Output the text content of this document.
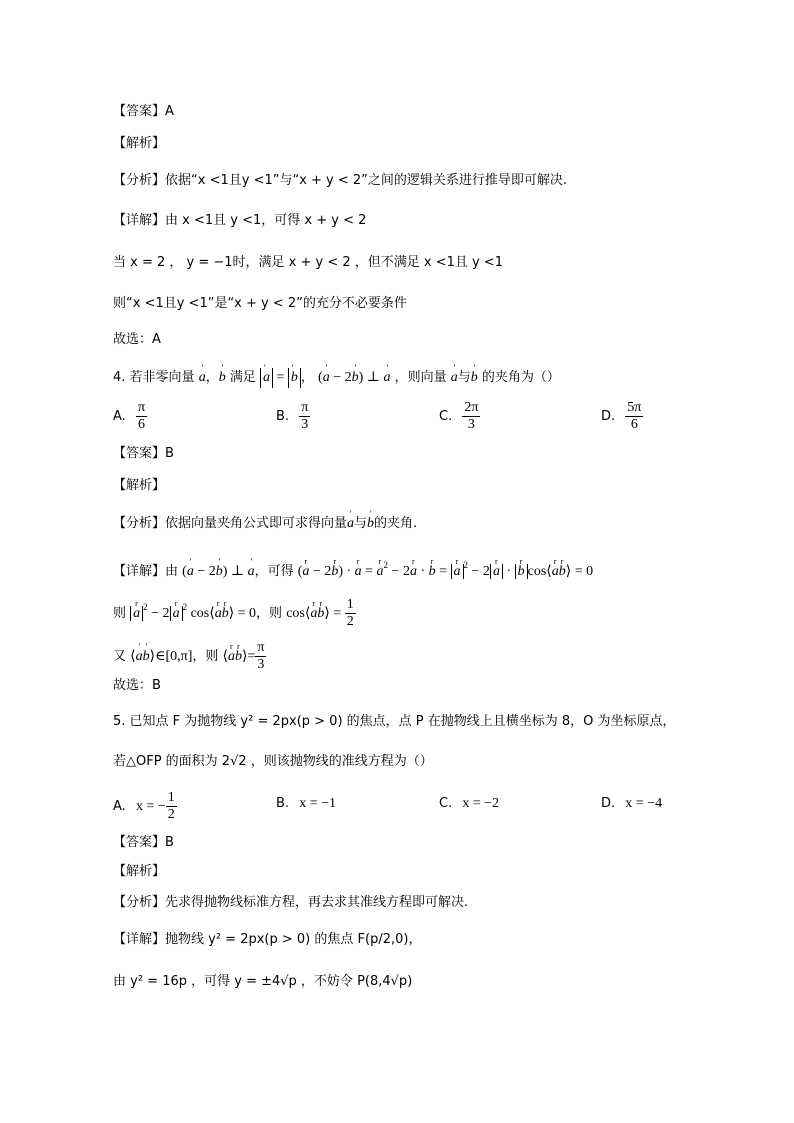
【答案】A
【解析】
【分析】依据“x <1且y <1”与“x + y < 2”之间的逻辑关系进行推导即可解决.
【详解】由 x <1且 y <1，可得 x + y < 2
当 x = 2 ， y = −1时，满足 x + y < 2 ，但不满足 x <1且 y <1
则“x <1且y <1”是“x + y < 2”的充分不必要条件
故选：A
4. 若非零向量 ' a，' b 满足 ' a = ' b ， (' a − 2' b) ⊥ ' a ，则向量 ' a与' b 的夹角为（）
A. $\frac{\pi}{6}$	B. $\frac{\pi}{3}$	C. $\frac{2\pi}{3}$	D. $\frac{5\pi}{6}$
【答案】B
【解析】
【分析】依据向量夹角公式即可求得向量' a与' b的夹角.
【详解】由 (' a − 2' b) ⊥ ' a，可得 (r a − 2r b) · r a = r $a^2 - 2r$ a · r b = r a $^2$ − 2 r a · r b cos⟨r ar b⟩ = 0
则 r a $^2$ − 2 r a $^2$ cos⟨r ar b⟩ = 0，则 cos⟨r ar b⟩ = $\frac{1}{2}$
又 ⟨' a' b⟩∈[0,π]，则 ⟨r ar b⟩= $\frac{\pi}{3}$
故选：B
5. 已知点 F 为抛物线 y² = 2px(p > 0) 的焦点，点 P 在抛物线上且横坐标为 8，O 为坐标原点，
若△OFP 的面积为 2√2 ，则该抛物线的准线方程为（）
A. x = − $\frac{1}{2}$	B. x = −1	C. x = −2	D. x = −4
【答案】B
【解析】
【分析】先求得抛物线标准方程，再去求其准线方程即可解决.
【详解】抛物线 y² = 2px(p > 0) 的焦点 F(p/2,0)，
由 y² = 16p ，可得 y = ±4√p ，不妨令 P(8,4√p)
